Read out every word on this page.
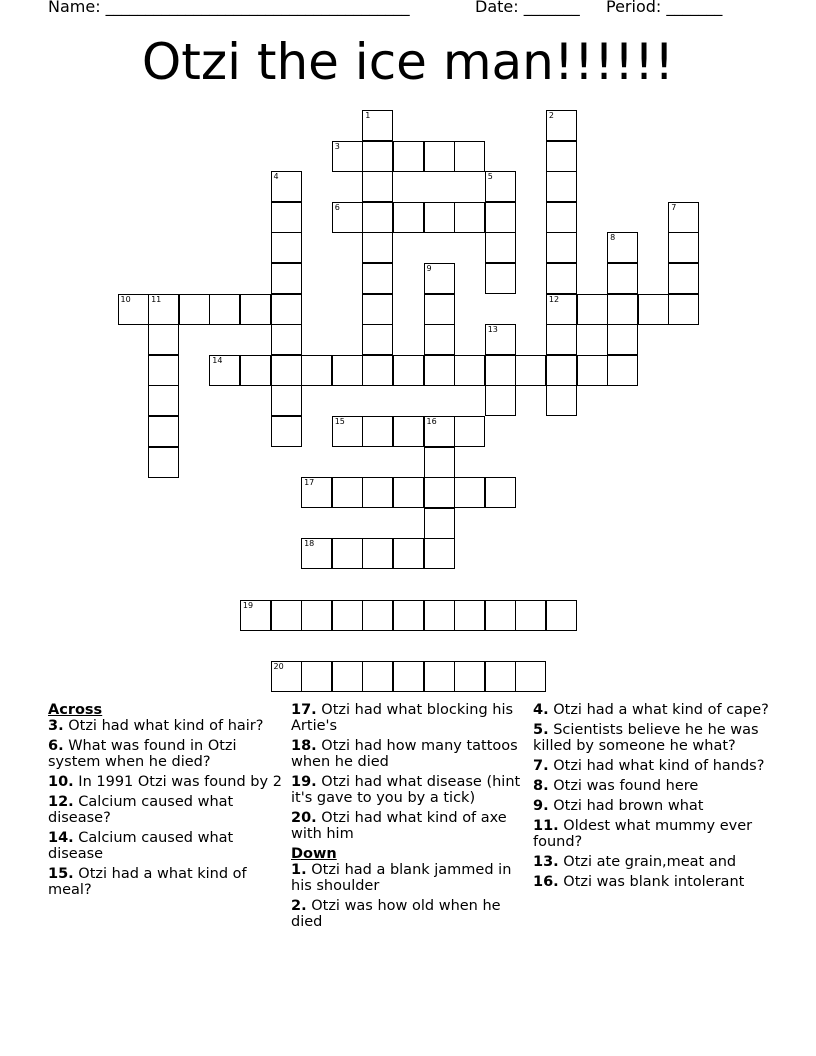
Name: ______________________________________

	Date: _______

Period: _______

Otzi the ice man!!!!!!
1	2
12
3
4	5
6	7
8
9
10	11
13
14
15	16
17
18
19
20
Across
3. Otzi had what kind of hair?
6. What was found in Otzi system when he died?
10. In 1991 Otzi was found by 2
12. Calcium caused what disease?
14. Calcium caused what disease
15. Otzi had a what kind of meal?
17. Otzi had what blocking his Artie's
18. Otzi had how many tattoos when he died
19. Otzi had what disease (hint it's gave to you by a tick)
20. Otzi had what kind of axe with him
Down
1. Otzi had a blank jammed in his shoulder
2. Otzi was how old when he died
4. Otzi had a what kind of cape?
5. Scientists believe he he was killed by someone he what?
7. Otzi had what kind of hands?
8. Otzi was found here
9. Otzi had brown what
11. Oldest what mummy ever found?
13. Otzi ate grain,meat and
16. Otzi was blank intolerant
